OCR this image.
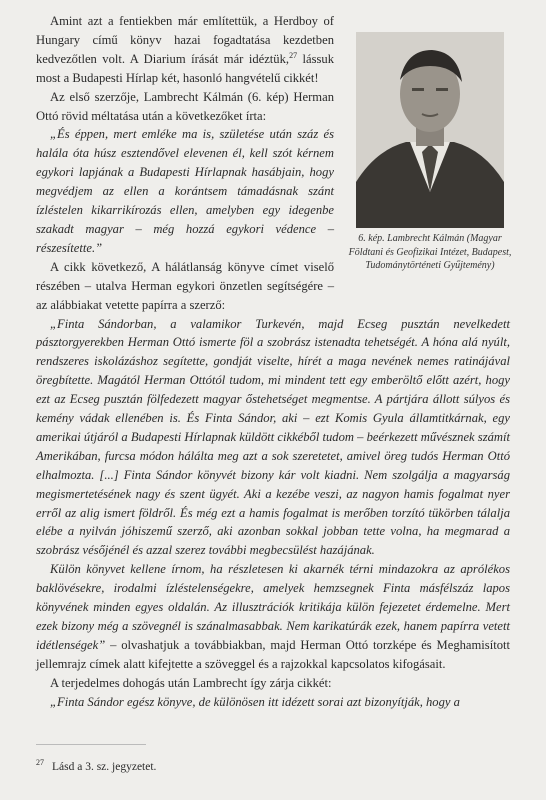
6. kép. Lambrecht Kálmán (Magyar Földtani és Geofizikai Intézet, Budapest, Tudománytörténeti Gyűjtemény)

Amint azt a fentiekben már említettük, a Herdboy of Hungary című könyv hazai fogadtatása kezdetben kedvezőtlen volt. A Diarium írását már idéztük,$^{27}$ lássuk most a Budapesti Hírlap két, hasonló hangvételű cikkét!

Az első szerzője, Lambrecht Kálmán (6. kép) Herman Ottó rövid méltatása után a következőket írta:

„És éppen, mert emléke ma is, születése után száz és halála óta húsz esztendővel elevenen él, kell szót kérnem egykori lapjának a Budapesti Hírlapnak hasábjain, hogy megvédjem az ellen a korántsem támadásnak szánt ízléstelen kikarrikírozás ellen, amelyben egy idegenbe szakadt magyar – még hozzá egykori védence – részesítette.”

A cikk következő, A hálátlanság könyve címet viselő részében – utalva Herman egykori önzetlen segítségére – az alábbiakat vetette papírra a szerző:

„Finta Sándorban, a valamikor Turkevén, majd Ecseg pusztán nevelkedett pásztorgyerekben Herman Ottó ismerte föl a szobrász istenadta tehetségét. A hóna alá nyúlt, rendszeres iskolázáshoz segítette, gondját viselte, hírét a maga nevének nemes ratinájával öregbítette. Magától Herman Ottótól tudom, mi mindent tett egy emberöltő előtt azért, hogy ezt az Ecseg pusztán fölfedezett magyar őstehetséget megmentse. A pártjára állott súlyos és kemény vádak ellenében is. És Finta Sándor, aki – ezt Komis Gyula államtitkárnak, egy amerikai útjáról a Budapesti Hírlapnak küldött cikkéből tudom – beérkezett művésznek számít Amerikában, furcsa módon hálálta meg azt a sok szeretetet, amivel öreg tudós Herman Ottó elhalmozta. [...] Finta Sándor könyvét bizony kár volt kiadni. Nem szolgálja a magyarság megismertetésének nagy és szent ügyét. Aki a kezébe veszi, az nagyon hamis fogalmat nyer erről az alig ismert földről. És még ezt a hamis fogalmat is merőben torzító tükörben tálalja elébe a nyilván jóhiszemű szerző, aki azonban sokkal jobban tette volna, ha megmarad a szobrász vésőjénél és azzal szerez további megbecsülést hazájának.

Külön könyvet kellene írnom, ha részletesen ki akarnék térni mindazokra az aprólékos baklövésekre, irodalmi ízléstelenségekre, amelyek hemzsegnek Finta másfélszáz lapos könyvének minden egyes oldalán. Az illusztrációk kritikája külön fejezetet érdemelne. Mert ezek bizony még a szövegnél is szánalmasabbak. Nem karikatúrák ezek, hanem papírra vetett idétlenségek” – olvashatjuk a továbbiakban, majd Herman Ottó torzképe és Meghamisított jellemrajz címek alatt kifejtette a szöveggel és a rajzokkal kapcsolatos kifogásait.

A terjedelmes dohogás után Lambrecht így zárja cikkét:

„Finta Sándor egész könyve, de különösen itt idézett sorai azt bizonyítják, hogy a

$^{27}$ Lásd a 3. sz. jegyzetet.
